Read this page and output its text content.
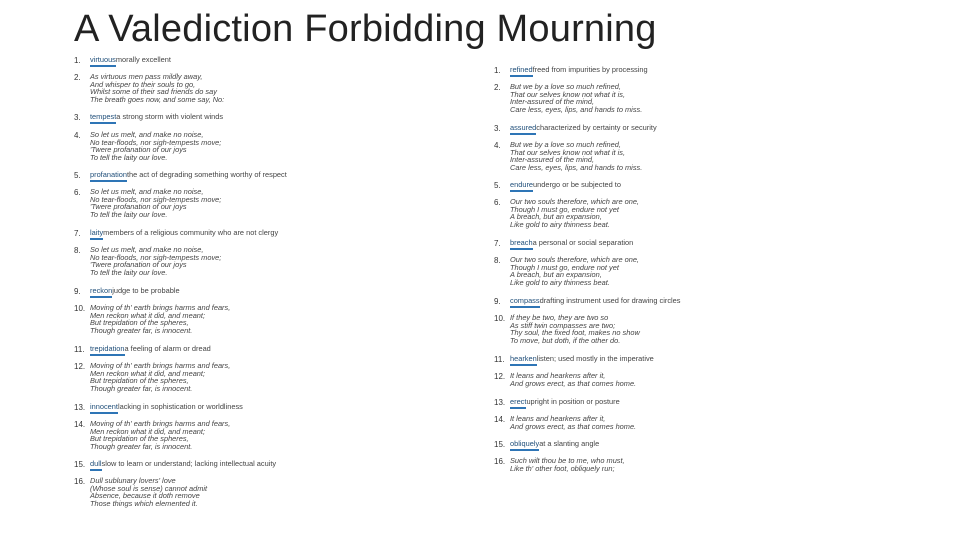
A Valediction Forbidding Mourning
1. virtuousmorally excellent
2. As virtuous men pass mildly away,
And whisper to their souls to go,
Whilst some of their sad friends do say
The breath goes now, and some say, No:
3. tempesta strong storm with violent winds
4. So let us melt, and make no noise,
No tear-floods, nor sigh-tempests move;
'Twere profanation of our joys
To tell the laity our love.
5. profanationthe act of degrading something worthy of respect
6. So let us melt, and make no noise,
No tear-floods, nor sigh-tempests move;
'Twere profanation of our joys
To tell the laity our love.
7. laitymembers of a religious community who are not clergy
8. So let us melt, and make no noise,
No tear-floods, nor sigh-tempests move;
'Twere profanation of our joys
To tell the laity our love.
9. reckonjudge to be probable
10. Moving of th' earth brings harms and fears,
Men reckon what it did, and meant;
But trepidation of the spheres,
Though greater far, is innocent.
11. trepidationa feeling of alarm or dread
12. Moving of th' earth brings harms and fears,
Men reckon what it did, and meant;
But trepidation of the spheres,
Though greater far, is innocent.
13. innocentlacking in sophistication or worldliness
14. Moving of th' earth brings harms and fears,
Men reckon what it did, and meant;
But trepidation of the spheres,
Though greater far, is innocent.
15. dullslow to learn or understand; lacking intellectual acuity
16. Dull sublunary lovers' love
(Whose soul is sense) cannot admit
Absence, because it doth remove
Those things which elemented it.
1. refinedfreed from impurities by processing
2. But we by a love so much refined,
That our selves know not what it is,
Inter-assured of the mind,
Care less, eyes, lips, and hands to miss.
3. assuredcharacterized by certainty or security
4. But we by a love so much refined,
That our selves know not what it is,
Inter-assured of the mind,
Care less, eyes, lips, and hands to miss.
5. endureundergo or be subjected to
6. Our two souls therefore, which are one,
Though I must go, endure not yet
A breach, but an expansion,
Like gold to airy thinness beat.
7. breacha personal or social separation
8. Our two souls therefore, which are one,
Though I must go, endure not yet
A breach, but an expansion,
Like gold to airy thinness beat.
9. compassdrafting instrument used for drawing circles
10. If they be two, they are two so
As stiff twin compasses are two;
Thy soul, the fixed foot, makes no show
To move, but doth, if the other do.
11. hearkenlisten; used mostly in the imperative
12. It leans and hearkens after it,
And grows erect, as that comes home.
13. erectupright in position or posture
14. It leans and hearkens after it,
And grows erect, as that comes home.
15. obliquelyat a slanting angle
16. Such wilt thou be to me, who must,
Like th' other foot, obliquely run;
